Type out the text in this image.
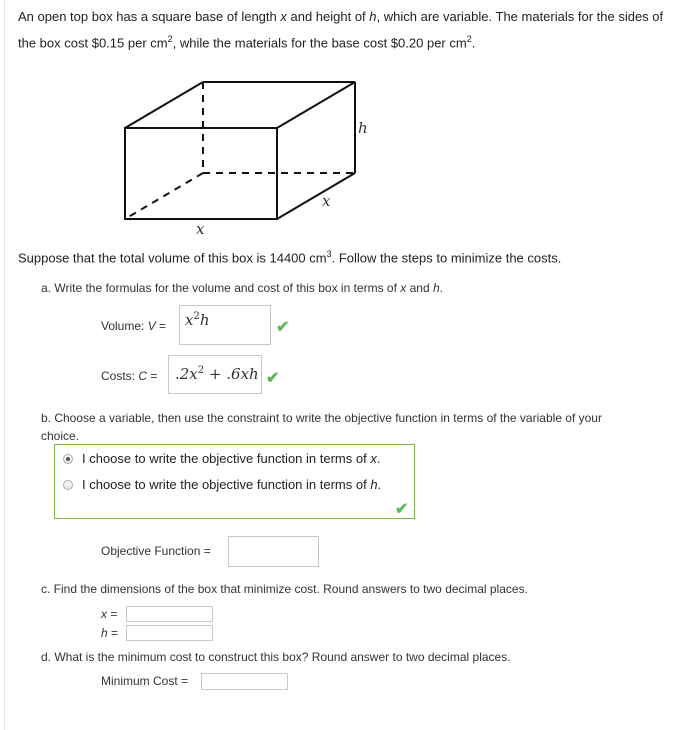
An open top box has a square base of length x and height of h, which are variable. The materials for the sides of the box cost $0.15 per $cm^2$, while the materials for the base cost $0.20 per $cm^2$.
h
x
x
Suppose that the total volume of this box is 14400 $cm^3$. Follow the steps to minimize the costs.
a. Write the formulas for the volume and cost of this box in terms of x and h.
Volume: V =	$x^2h$	✔
Costs: C =	$.2x^2 + .6xh$ ✔
b. Choose a variable, then use the constraint to write the objective function in terms of the variable of your choice.
I choose to write the objective function in terms of x.
I choose to write the objective function in terms of h.
✔
Objective Function =
c. Find the dimensions of the box that minimize cost. Round answers to two decimal places.
x =
h =
d. What is the minimum cost to construct this box? Round answer to two decimal places.
Minimum Cost =
